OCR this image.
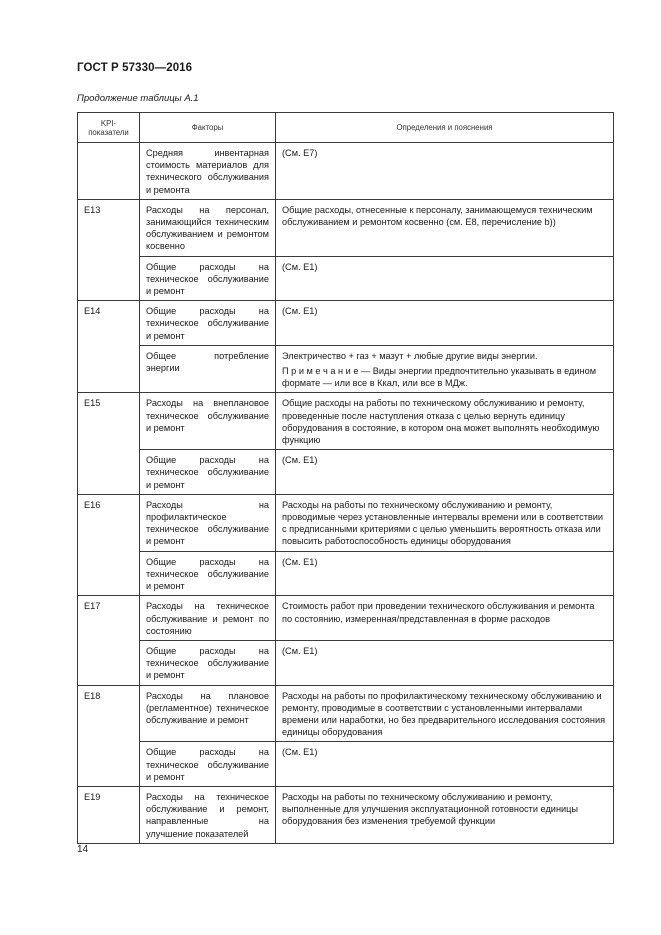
ГОСТ Р 57330—2016
Продолжение таблицы А.1
KPI-показатели	Факторы	Определения и пояснения
	Средняя инвентарная стоимость материалов для технического обслуживания и ремонта	(См. Е7)

Е13	Расходы на персонал, занимающийся техническим обслуживанием и ремонтом косвенно	Общие расходы, отнесенные к персоналу, занимающемуся техническим обслуживанием и ремонтом косвенно (см. Е8, перечисление b))

	Общие расходы на техническое обслуживание и ремонт	(См. Е1)

Е14	Общие расходы на техническое обслуживание и ремонт	(См. Е1)

	Общее потребление энергии	Электричество + газ + мазут + любые другие виды энергии.
П р и м е ч а н и е — Виды энергии предпочтительно указывать в едином формате — или все в Ккал, или все в МДж.

Е15	Расходы на внеплановое техническое обслуживание и ремонт	Общие расходы на работы по техническому обслуживанию и ремонту, проведенные после наступления отказа с целью вернуть единицу оборудования в состояние, в котором она может выполнять необходимую функцию

	Общие расходы на техническое обслуживание и ремонт	(См. Е1)

Е16	Расходы на профилактическое техническое обслуживание и ремонт	Расходы на работы по техническому обслуживанию и ремонту, проводимые через установленные интервалы времени или в соответствии с предписанными критериями с целью уменьшить вероятность отказа или повысить работоспособность единицы оборудования

	Общие расходы на техническое обслуживание и ремонт	(См. Е1)

Е17	Расходы на техническое обслуживание и ремонт по состоянию	Стоимость работ при проведении технического обслуживания и ремонта по состоянию, измеренная/представленная в форме расходов

	Общие расходы на техническое обслуживание и ремонт	(См. Е1)

Е18	Расходы на плановое (регламентное) техническое обслуживание и ремонт	Расходы на работы по профилактическому техническому обслуживанию и ремонту, проводимые в соответствии с установленными интервалами времени или наработки, но без предварительного исследования состояния единицы оборудования

	Общие расходы на техническое обслуживание и ремонт	(См. Е1)

Е19	Расходы на техническое обслуживание и ремонт, направленные на улучшение показателей	Расходы на работы по техническому обслуживанию и ремонту, выполненные для улучшения эксплуатационной готовности единицы оборудования без изменения требуемой функции
14
